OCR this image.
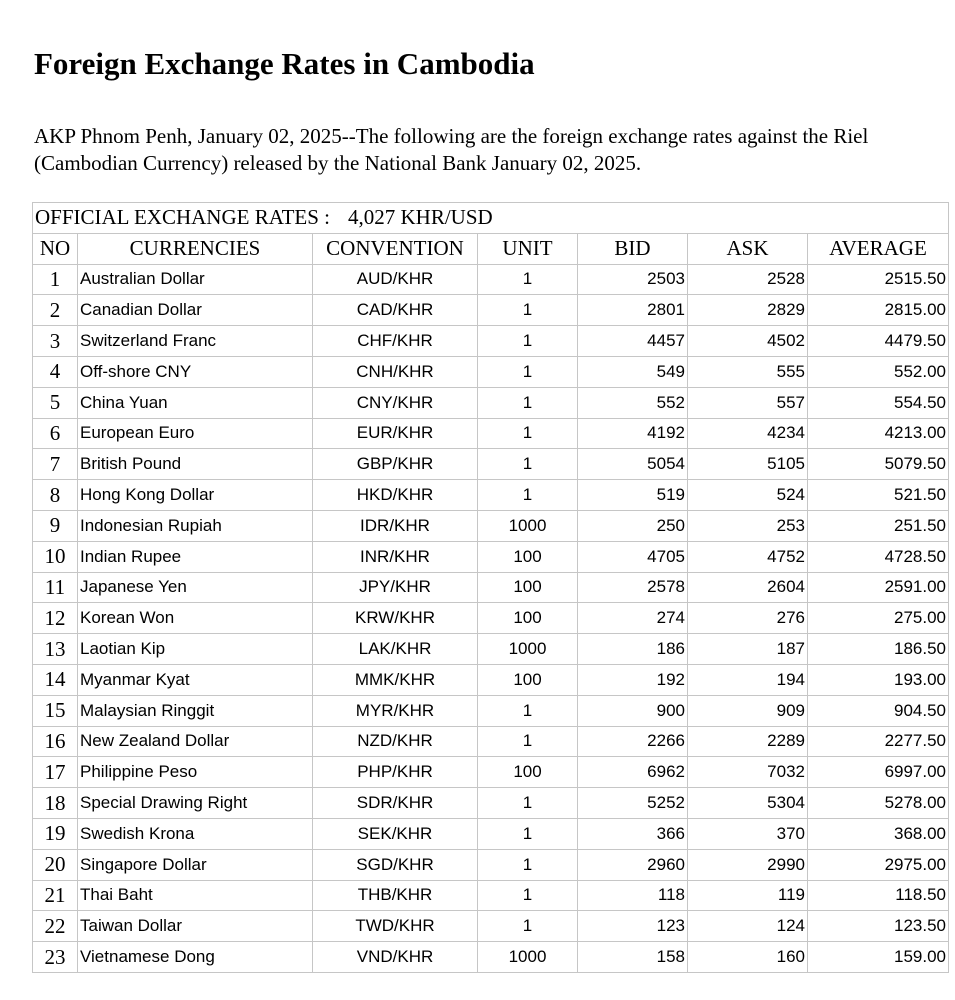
Foreign Exchange Rates in Cambodia

AKP Phnom Penh, January 02, 2025--The following are the foreign exchange rates against the Riel (Cambodian Currency) released by the National Bank January 02, 2025.

OFFICIAL EXCHANGE RATES : 4,027 KHR/USD						
NO	CURRENCIES	CONVENTION	UNIT	BID	ASK	AVERAGE
1	Australian Dollar	AUD/KHR	1	2503	2528	2515.50
2	Canadian Dollar	CAD/KHR	1	2801	2829	2815.00
3	Switzerland Franc	CHF/KHR	1	4457	4502	4479.50
4	Off-shore CNY	CNH/KHR	1	549	555	552.00
5	China Yuan	CNY/KHR	1	552	557	554.50
6	European Euro	EUR/KHR	1	4192	4234	4213.00
7	British Pound	GBP/KHR	1	5054	5105	5079.50
8	Hong Kong Dollar	HKD/KHR	1	519	524	521.50
9	Indonesian Rupiah	IDR/KHR	1000	250	253	251.50
10	Indian Rupee	INR/KHR	100	4705	4752	4728.50
11	Japanese Yen	JPY/KHR	100	2578	2604	2591.00
12	Korean Won	KRW/KHR	100	274	276	275.00
13	Laotian Kip	LAK/KHR	1000	186	187	186.50
14	Myanmar Kyat	MMK/KHR	100	192	194	193.00
15	Malaysian Ringgit	MYR/KHR	1	900	909	904.50
16	New Zealand Dollar	NZD/KHR	1	2266	2289	2277.50
17	Philippine Peso	PHP/KHR	100	6962	7032	6997.00
18	Special Drawing Right	SDR/KHR	1	5252	5304	5278.00
19	Swedish Krona	SEK/KHR	1	366	370	368.00
20	Singapore Dollar	SGD/KHR	1	2960	2990	2975.00
21	Thai Baht	THB/KHR	1	118	119	118.50
22	Taiwan Dollar	TWD/KHR	1	123	124	123.50
23	Vietnamese Dong	VND/KHR	1000	158	160	159.00
